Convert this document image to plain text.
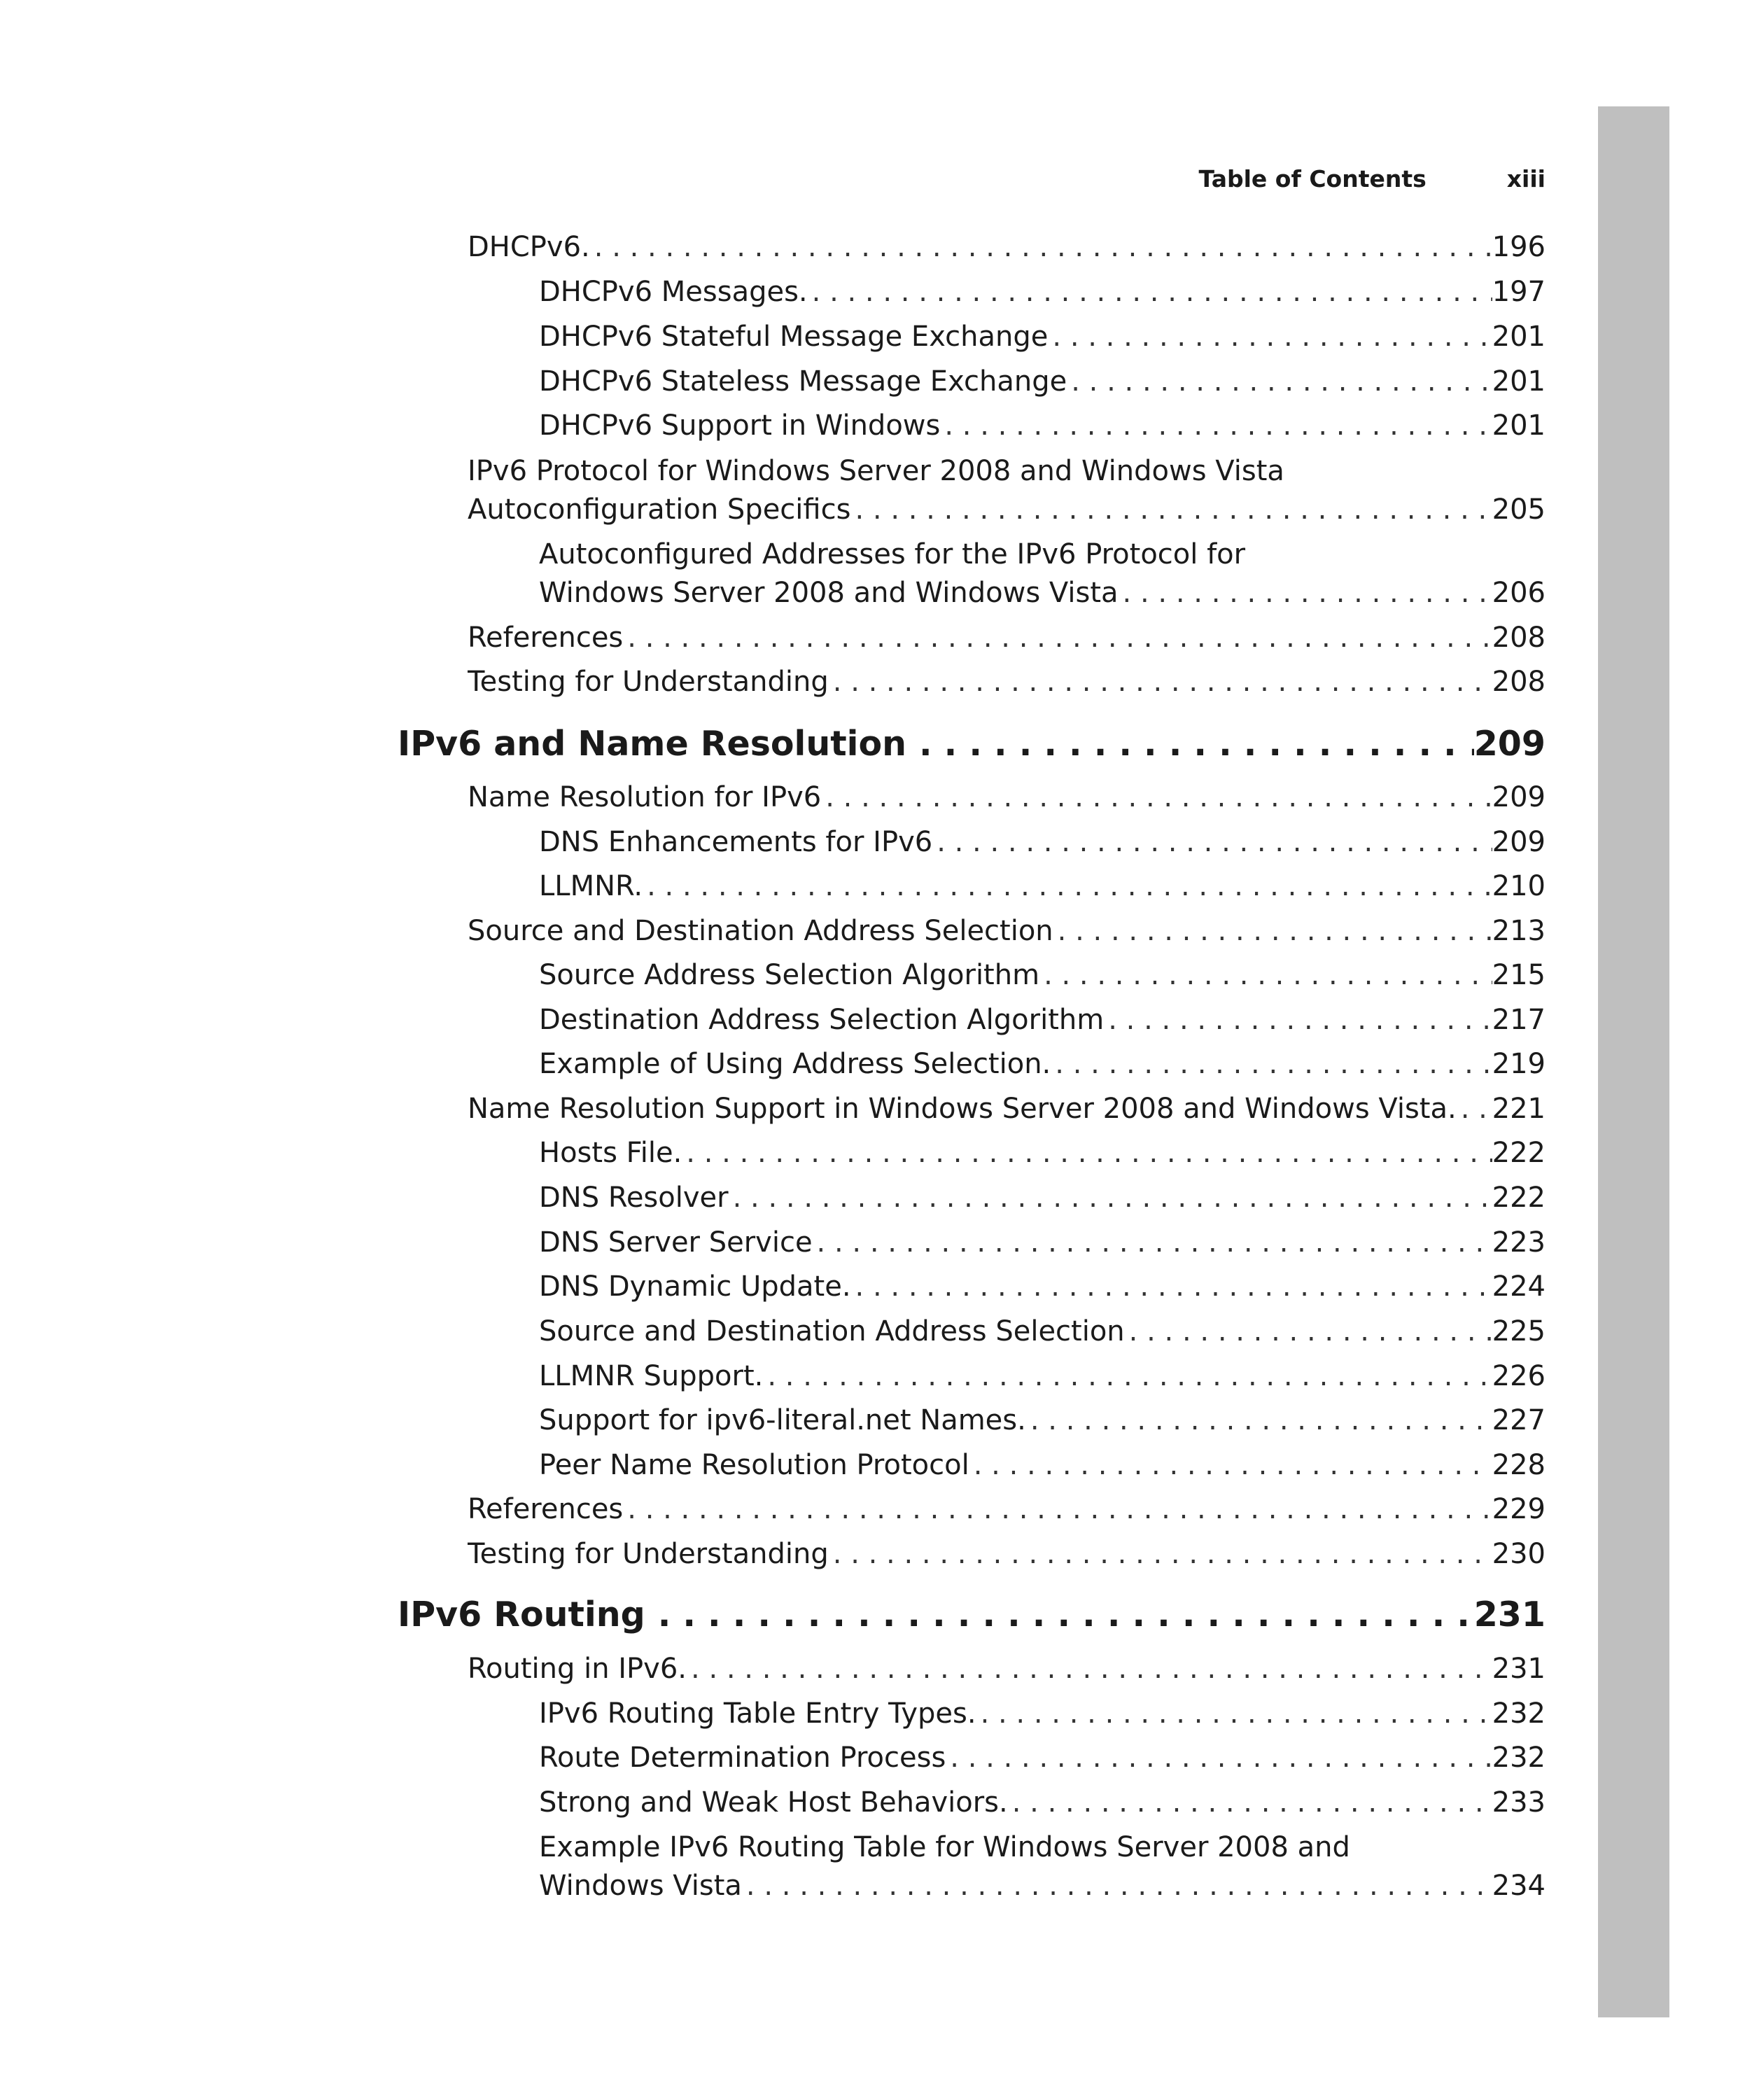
Table of Contents	xiii
DHCPv6. . . .	196
DHCPv6 Messages. . . .	197
DHCPv6 Stateful Message Exchange . . .	201
DHCPv6 Stateless Message Exchange . . .	201
DHCPv6 Support in Windows . . .	201
IPv6 Protocol for Windows Server 2008 and Windows Vista
Autoconfiguration Specifics . . .	205
Autoconfigured Addresses for the IPv6 Protocol for
Windows Server 2008 and Windows Vista . . .	206
References . . .	208
Testing for Understanding . . .	208
IPv6 and Name Resolution . . .	209
Name Resolution for IPv6 . . .	209
DNS Enhancements for IPv6 . . .	209
LLMNR. . . .	210
Source and Destination Address Selection . . .	213
Source Address Selection Algorithm . . .	215
Destination Address Selection Algorithm . . .	217
Example of Using Address Selection. . . .	219
Name Resolution Support in Windows Server 2008 and Windows Vista. . . . 221
Hosts File. . . .	222
DNS Resolver . . .	222
DNS Server Service . . .	223
DNS Dynamic Update. . . .	224
Source and Destination Address Selection . . .	225
LLMNR Support. . . .	226
Support for ipv6-literal.net Names. . . .	227
Peer Name Resolution Protocol . . .	228
References . . .	229
Testing for Understanding . . .	230
IPv6 Routing . . .	231
Routing in IPv6. . . .	231
IPv6 Routing Table Entry Types. . . .	232
Route Determination Process . . .	232
Strong and Weak Host Behaviors. . . .	233
Example IPv6 Routing Table for Windows Server 2008 and
Windows Vista . . .	234
